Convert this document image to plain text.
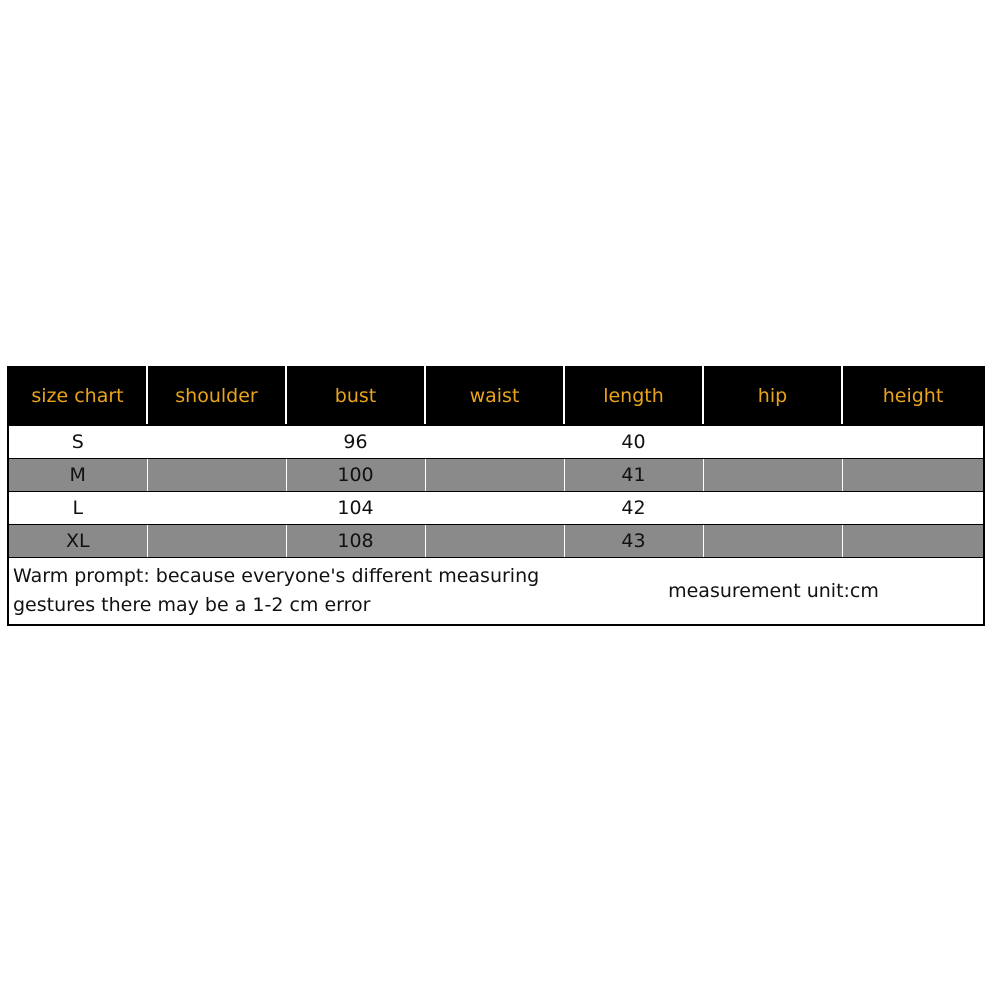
size chart	shoulder	bust	waist	length	hip	height
S		96		40		
M		100		41		
L		104		42		
XL		108		43		
Warm prompt: because everyone's different measuring
gestures there may be a 1-2 cm error				measurement unit:cm		
